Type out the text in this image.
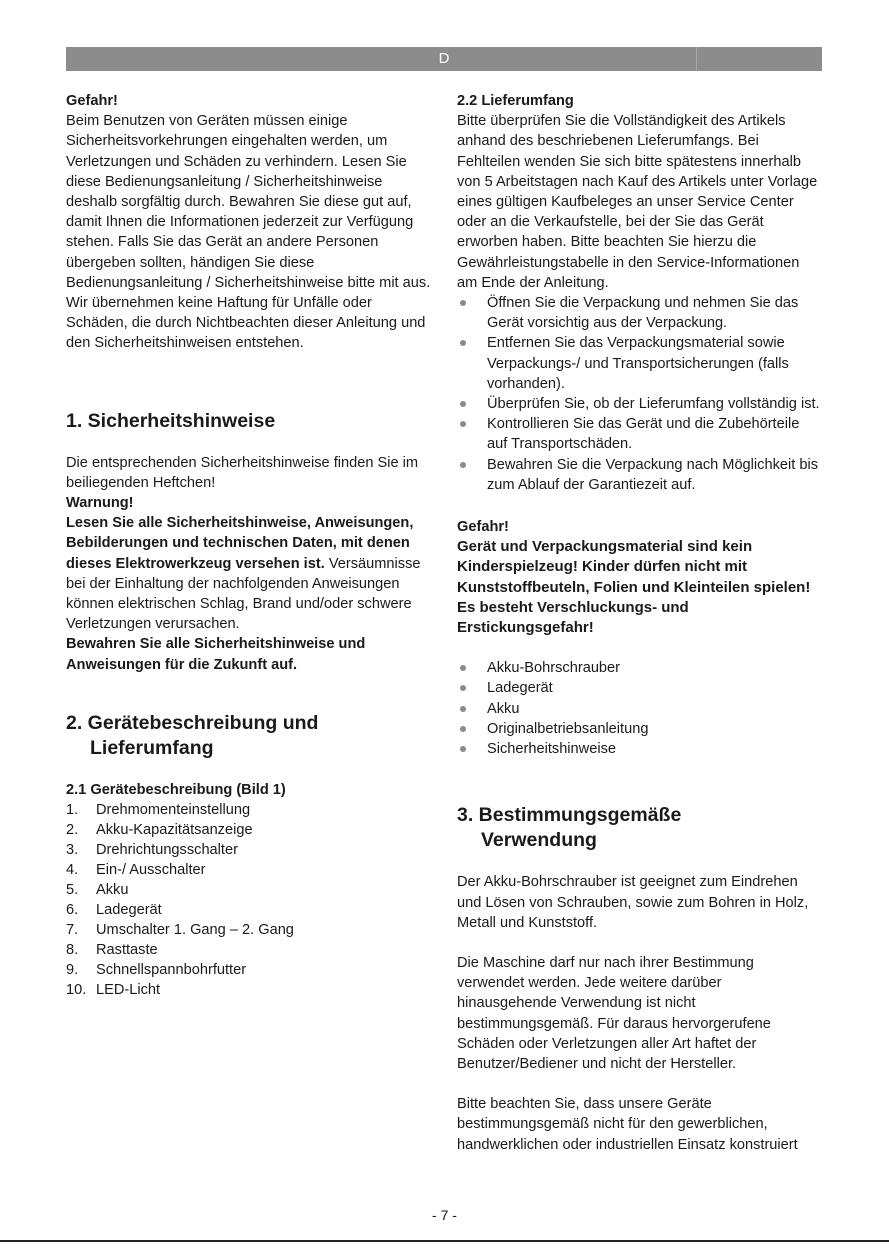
D

Gefahr!

Beim Benutzen von Geräten müssen einige Sicherheitsvorkehrungen eingehalten werden, um Verletzungen und Schäden zu verhindern. Lesen Sie diese Bedienungsanleitung / Sicherheitshinweise deshalb sorgfältig durch. Bewahren Sie diese gut auf, damit Ihnen die Informationen jederzeit zur Verfügung stehen. Falls Sie das Gerät an andere Personen übergeben sollten, händigen Sie diese Bedienungsanleitung / Sicherheitshinweise bitte mit aus. Wir übernehmen keine Haftung für Unfälle oder Schäden, die durch Nichtbeachten dieser Anleitung und den Sicherheitshinweisen entstehen.

1. Sicherheitshinweise

Die entsprechenden Sicherheitshinweise finden Sie im beiliegenden Heftchen!

Warnung!

Lesen Sie alle Sicherheitshinweise, Anweisungen, Bebilderungen und technischen Daten, mit denen dieses Elektrowerkzeug versehen ist. Versäumnisse bei der Einhaltung der nachfolgenden Anweisungen können elektrischen Schlag, Brand und/oder schwere Verletzungen verursachen.

Bewahren Sie alle Sicherheitshinweise und Anweisungen für die Zukunft auf.

2. Gerätebeschreibung und
Lieferumfang

2.1 Gerätebeschreibung (Bild 1)

1. Drehmomenteinstellung
2. Akku-Kapazitätsanzeige
3. Drehrichtungsschalter
4. Ein-/ Ausschalter
5. Akku
6. Ladegerät
7. Umschalter 1. Gang – 2. Gang
8. Rasttaste
9. Schnellspannbohrfutter
10. LED-Licht

2.2 Lieferumfang

Bitte überprüfen Sie die Vollständigkeit des Artikels anhand des beschriebenen Lieferumfangs. Bei Fehlteilen wenden Sie sich bitte spätestens innerhalb von 5 Arbeitstagen nach Kauf des Artikels unter Vorlage eines gültigen Kaufbeleges an unser Service Center oder an die Verkaufstelle, bei der Sie das Gerät erworben haben. Bitte beachten Sie hierzu die Gewährleistungstabelle in den Service-Informationen am Ende der Anleitung.

Öffnen Sie die Verpackung und nehmen Sie das Gerät vorsichtig aus der Verpackung.
Entfernen Sie das Verpackungsmaterial sowie Verpackungs-/ und Transportsicherungen (falls vorhanden).
Überprüfen Sie, ob der Lieferumfang vollständig ist.
Kontrollieren Sie das Gerät und die Zubehörteile auf Transportschäden.
Bewahren Sie die Verpackung nach Möglichkeit bis zum Ablauf der Garantiezeit auf.

Gefahr!

Gerät und Verpackungsmaterial sind kein Kinderspielzeug! Kinder dürfen nicht mit Kunststoffbeuteln, Folien und Kleinteilen spielen! Es besteht Verschluckungs- und Erstickungsgefahr!

Akku-Bohrschrauber
Ladegerät
Akku
Originalbetriebsanleitung
Sicherheitshinweise

3. Bestimmungsgemäße
Verwendung

Der Akku-Bohrschrauber ist geeignet zum Eindrehen und Lösen von Schrauben, sowie zum Bohren in Holz, Metall und Kunststoff.

Die Maschine darf nur nach ihrer Bestimmung verwendet werden. Jede weitere darüber hinausgehende Verwendung ist nicht bestimmungsgemäß. Für daraus hervorgerufene Schäden oder Verletzungen aller Art haftet der Benutzer/Bediener und nicht der Hersteller.

Bitte beachten Sie, dass unsere Geräte bestimmungsgemäß nicht für den gewerblichen, handwerklichen oder industriellen Einsatz konstruiert

- 7 -
